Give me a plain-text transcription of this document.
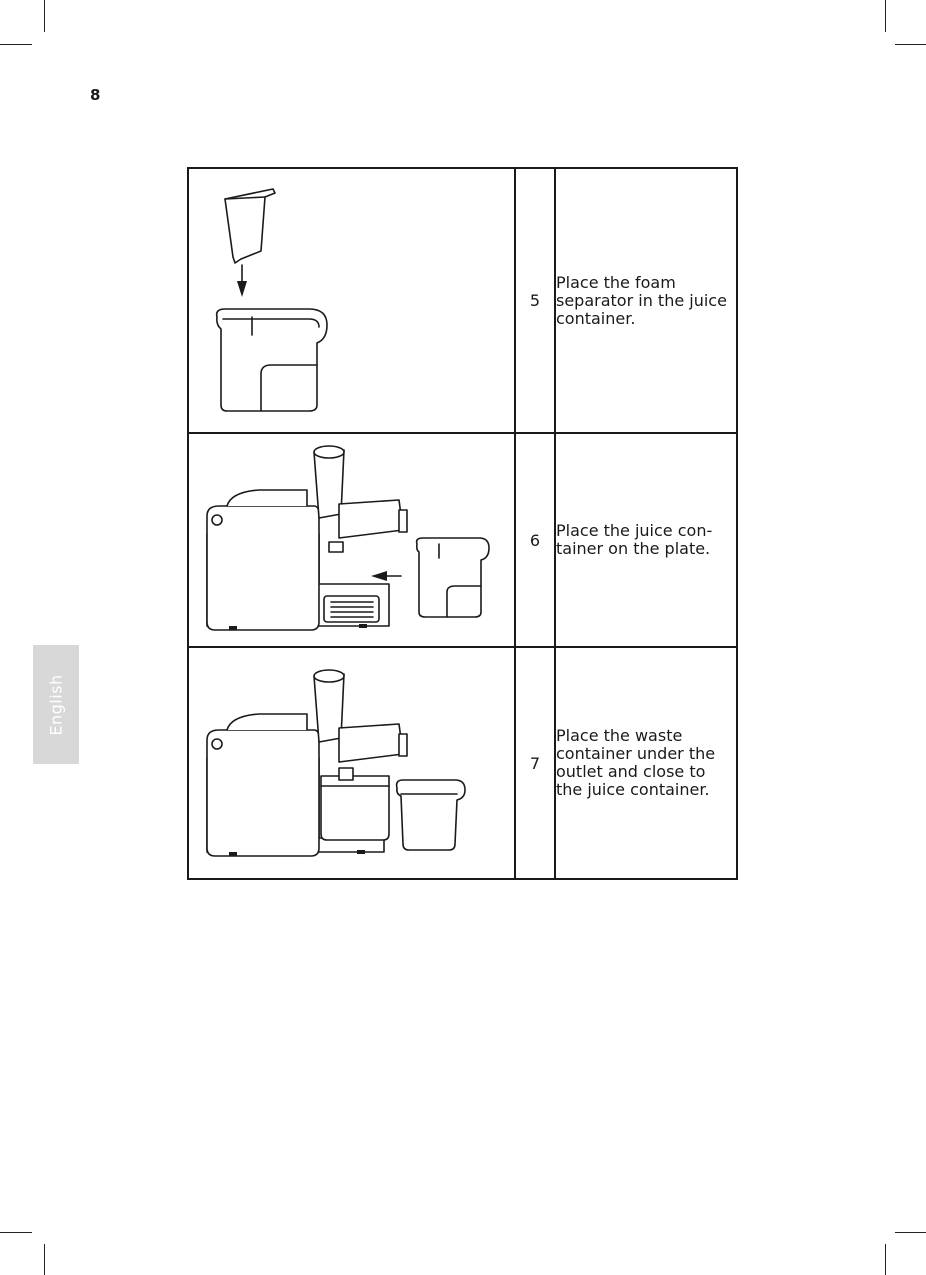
8
English
	5	Place the foam separator in the juice container.

	6	Place the juice con-tainer on the plate.

	7	Place the waste container under the outlet and close to the juice container.
